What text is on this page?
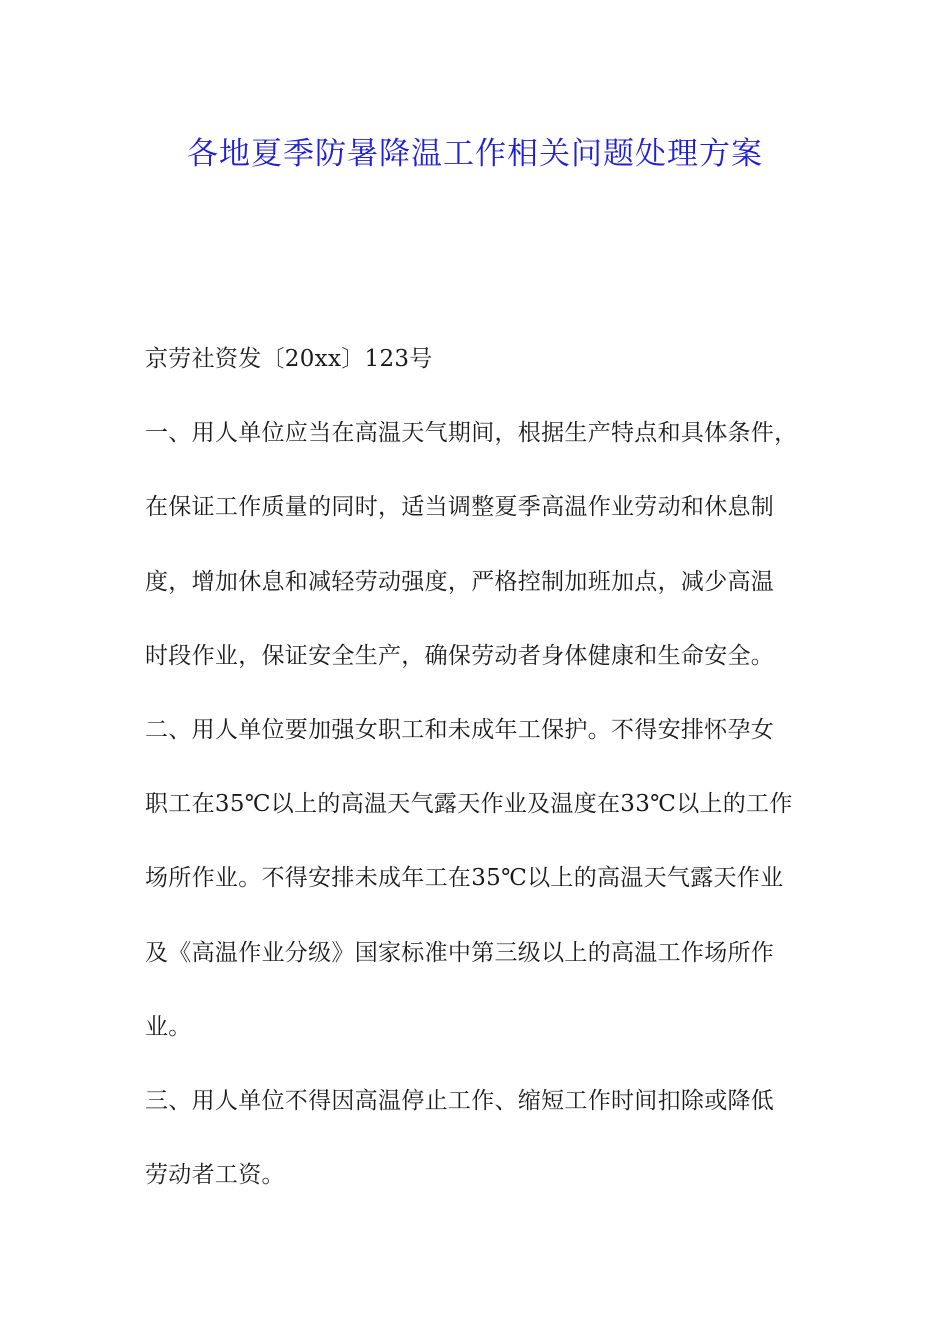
各地夏季防暑降温工作相关问题处理方案
京劳社资发〔20xx〕123号
一、用人单位应当在高温天气期间，根据生产特点和具体条件，
在保证工作质量的同时，适当调整夏季高温作业劳动和休息制
度，增加休息和减轻劳动强度，严格控制加班加点，减少高温
时段作业，保证安全生产，确保劳动者身体健康和生命安全。
二、用人单位要加强女职工和未成年工保护。不得安排怀孕女
职工在35℃以上的高温天气露天作业及温度在33℃以上的工作
场所作业。不得安排未成年工在35℃以上的高温天气露天作业
及《高温作业分级》国家标准中第三级以上的高温工作场所作
业。
三、用人单位不得因高温停止工作、缩短工作时间扣除或降低
劳动者工资。
